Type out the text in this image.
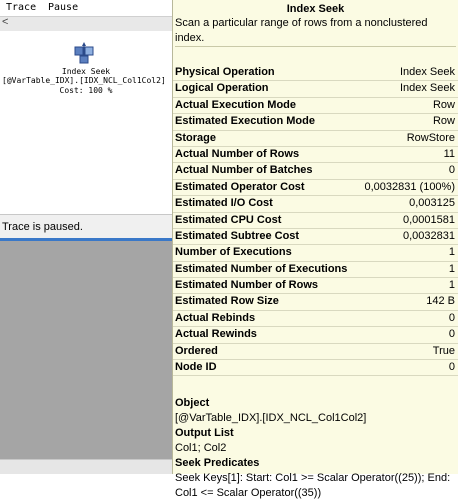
Trace Pause
<
Index Seek
[@VarTable_IDX].[IDX_NCL_Col1Col2]
Cost: 100 %
Trace is paused.
Index Seek
Scan a particular range of rows from a nonclustered index.
Physical Operation	Index Seek
Logical Operation	Index Seek
Actual Execution Mode	Row
Estimated Execution Mode	Row
Storage	RowStore
Actual Number of Rows	11
Actual Number of Batches	0
Estimated Operator Cost	0,0032831 (100%)
Estimated I/O Cost	0,003125
Estimated CPU Cost	0,0001581
Estimated Subtree Cost	0,0032831
Number of Executions	1
Estimated Number of Executions	1
Estimated Number of Rows	1
Estimated Row Size	142 B
Actual Rebinds	0
Actual Rewinds	0
Ordered	True
Node ID	0
Object
[@VarTable_IDX].[IDX_NCL_Col1Col2]
Output List
Col1; Col2
Seek Predicates
Seek Keys[1]: Start: Col1 >= Scalar Operator((25)); End:
Col1 <= Scalar Operator((35))
